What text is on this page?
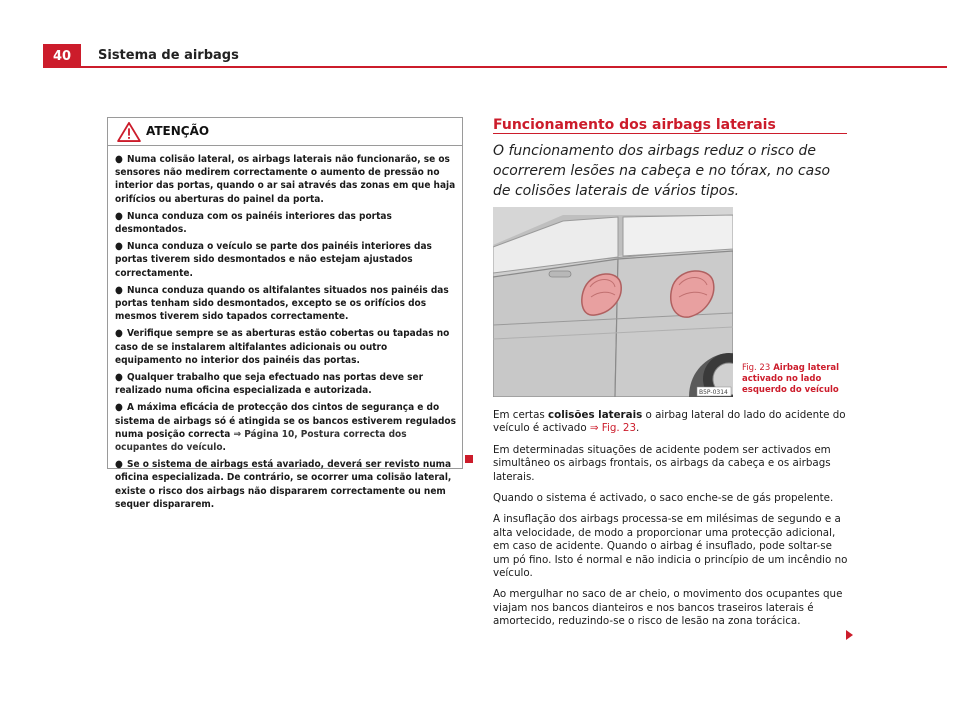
40	Sistema de airbags
ATENÇÃO

● Numa colisão lateral, os airbags laterais não funcionarão, se os sensores não medirem correctamente o aumento de pressão no interior das portas, quando o ar sai através das zonas em que haja orifícios ou aberturas do painel da porta.

● Nunca conduza com os painéis interiores das portas desmontados.

● Nunca conduza o veículo se parte dos painéis interiores das portas tiverem sido desmontados e não estejam ajustados correctamente.

● Nunca conduza quando os altifalantes situados nos painéis das portas tenham sido desmontados, excepto se os orifícios dos mesmos tiverem sido tapados correctamente.

● Verifique sempre se as aberturas estão cobertas ou tapadas no caso de se instalarem altifalantes adicionais ou outro equipamento no interior dos painéis das portas.

● Qualquer trabalho que seja efectuado nas portas deve ser realizado numa oficina especializada e autorizada.

● A máxima eficácia de protecção dos cintos de segurança e do sistema de airbags só é atingida se os bancos estiverem regulados numa posição correcta ⇒ Página 10, Postura correcta dos ocupantes do veículo.

● Se o sistema de airbags está avariado, deverá ser revisto numa oficina especializada. De contrário, se ocorrer uma colisão lateral, existe o risco dos airbags não dispararem correctamente ou nem sequer dispararem.

Funcionamento dos airbags laterais
O funcionamento dos airbags reduz o risco de ocorrerem lesões na cabeça e no tórax, no caso de colisões laterais de vários tipos.
B5P-0314
Fig. 23 Airbag lateral activado no lado esquerdo do veículo

Em certas colisões laterais o airbag lateral do lado do acidente do veículo é activado ⇒ Fig. 23.

Em determinadas situações de acidente podem ser activados em simultâneo os airbags frontais, os airbags da cabeça e os airbags laterais.

Quando o sistema é activado, o saco enche-se de gás propelente.

A insuflação dos airbags processa-se em milésimas de segundo e a alta velocidade, de modo a proporcionar uma protecção adicional, em caso de acidente. Quando o airbag é insuflado, pode soltar-se um pó fino. Isto é normal e não indicia o princípio de um incêndio no veículo.

Ao mergulhar no saco de ar cheio, o movimento dos ocupantes que viajam nos bancos dianteiros e nos bancos traseiros laterais é amortecido, reduzindo-se o risco de lesão na zona torácica.
